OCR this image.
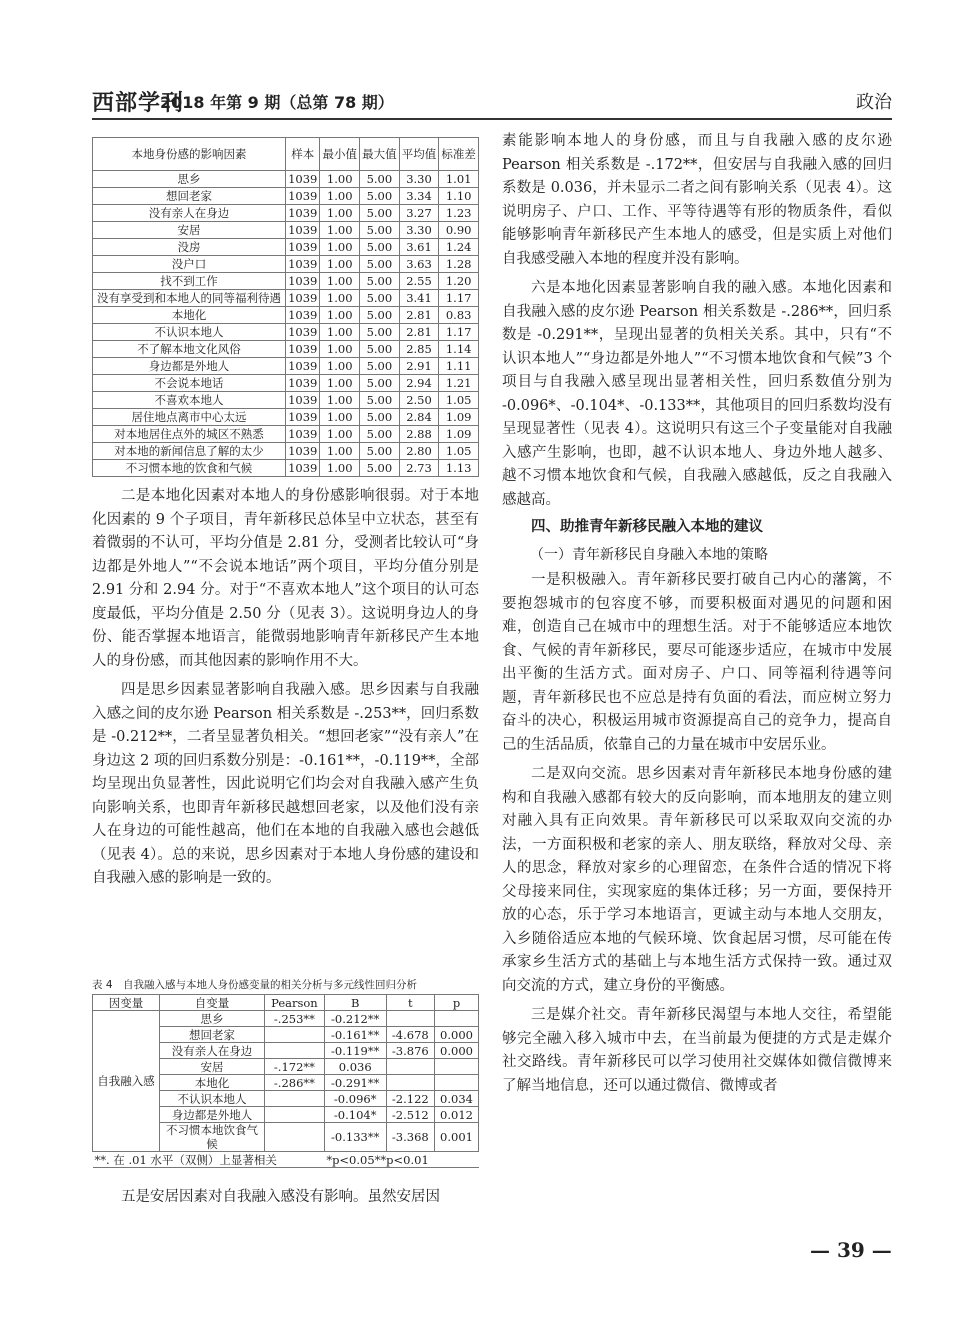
西部学刊
2018 年第 9 期（总第 78 期）	政治
本地身份感的影响因素	样本	最小值	最大值	平均值	标准差
思乡	1039	1.00	5.00	3.30	1.01
想回老家	1039	1.00	5.00	3.34	1.10
没有亲人在身边	1039	1.00	5.00	3.27	1.23
安居	1039	1.00	5.00	3.30	0.90
没房	1039	1.00	5.00	3.61	1.24
没户口	1039	1.00	5.00	3.63	1.28
找不到工作	1039	1.00	5.00	2.55	1.20
没有享受到和本地人的同等福利待遇	1039	1.00	5.00	3.41	1.17
本地化	1039	1.00	5.00	2.81	0.83
不认识本地人	1039	1.00	5.00	2.81	1.17
不了解本地文化风俗	1039	1.00	5.00	2.85	1.14
身边都是外地人	1039	1.00	5.00	2.91	1.11
不会说本地话	1039	1.00	5.00	2.94	1.21
不喜欢本地人	1039	1.00	5.00	2.50	1.05
居住地点离市中心太远	1039	1.00	5.00	2.84	1.09
对本地居住点外的城区不熟悉	1039	1.00	5.00	2.88	1.09
对本地的新闻信息了解的太少	1039	1.00	5.00	2.80	1.05
不习惯本地的饮食和气候	1039	1.00	5.00	2.73	1.13

二是本地化因素对本地人的身份感影响很弱。对于本地化因素的 9 个子项目，青年新移民总体呈中立状态，甚至有着微弱的不认可，平均分值是 2.81 分，受测者比较认可“身边都是外地人”“不会说本地话”两个项目，平均分值分别是 2.91 分和 2.94 分。对于“不喜欢本地人”这个项目的认可态度最低，平均分值是 2.50 分（见表 3）。这说明身边人的身份、能否掌握本地语言，能微弱地影响青年新移民产生本地人的身份感，而其他因素的影响作用不大。

四是思乡因素显著影响自我融入感。思乡因素与自我融入感之间的皮尔逊 Pearson 相关系数是 -.253**，回归系数是 -0.212**，二者呈显著负相关。“想回老家”“没有亲人”在身边这 2 项的回归系数分别是：-0.161**，-0.119**，全部均呈现出负显著性，因此说明它们均会对自我融入感产生负向影响关系，也即青年新移民越想回老家，以及他们没有亲人在身边的可能性越高，他们在本地的自我融入感也会越低（见表 4）。总的来说，思乡因素对于本地人身份感的建设和自我融入感的影响是一致的。

表 4　自我融入感与本地人身份感变量的相关分析与多元线性回归分析
因变量	自变量	Pearson	B	t	p
自我融入感	思乡	-.253**	-0.212**		
	想回老家		-0.161**	-4.678	0.000
	没有亲人在身边		-0.119**	-3.876	0.000
	安居	-.172**	0.036		
	本地化	-.286**	-0.291**		
	不认识本地人		-0.096*	-2.122	0.034
	身边都是外地人		-0.104*	-2.512	0.012
	不习惯本地饮食气候		-0.133**	-3.368	0.001
**. 在 .01 水平（双侧）上显著相关			*p<0.05**p<0.01		

五是安居因素对自我融入感没有影响。虽然安居因

素能影响本地人的身份感，而且与自我融入感的皮尔逊 Pearson 相关系数是 -.172**，但安居与自我融入感的回归系数是 0.036，并未显示二者之间有影响关系（见表 4）。这说明房子、户口、工作、平等待遇等有形的物质条件，看似能够影响青年新移民产生本地人的感受，但是实质上对他们自我感受融入本地的程度并没有影响。

六是本地化因素显著影响自我的融入感。本地化因素和自我融入感的皮尔逊 Pearson 相关系数是 -.286**，回归系数是 -0.291**，呈现出显著的负相关关系。其中，只有“不认识本地人”“身边都是外地人”“不习惯本地饮食和气候”3 个项目与自我融入感呈现出显著相关性，回归系数值分别为 -0.096*、-0.104*、-0.133**，其他项目的回归系数均没有呈现显著性（见表 4）。这说明只有这三个子变量能对自我融入感产生影响，也即，越不认识本地人、身边外地人越多、越不习惯本地饮食和气候，自我融入感越低，反之自我融入感越高。

四、助推青年新移民融入本地的建议
（一）青年新移民自身融入本地的策略

一是积极融入。青年新移民要打破自己内心的藩篱，不要抱怨城市的包容度不够，而要积极面对遇见的问题和困难，创造自己在城市中的理想生活。对于不能够适应本地饮食、气候的青年新移民，要尽可能逐步适应，在城市中发展出平衡的生活方式。面对房子、户口、同等福利待遇等问题，青年新移民也不应总是持有负面的看法，而应树立努力奋斗的决心，积极运用城市资源提高自己的竞争力，提高自己的生活品质，依靠自己的力量在城市中安居乐业。

二是双向交流。思乡因素对青年新移民本地身份感的建构和自我融入感都有较大的反向影响，而本地朋友的建立则对融入具有正向效果。青年新移民可以采取双向交流的办法，一方面积极和老家的亲人、朋友联络，释放对父母、亲人的思念，释放对家乡的心理留恋，在条件合适的情况下将父母接来同住，实现家庭的集体迁移；另一方面，要保持开放的心态，乐于学习本地语言，更诚主动与本地人交朋友，入乡随俗适应本地的气候环境、饮食起居习惯，尽可能在传承家乡生活方式的基础上与本地生活方式保持一致。通过双向交流的方式，建立身份的平衡感。

三是媒介社交。青年新移民渴望与本地人交往，希望能够完全融入移入城市中去，在当前最为便捷的方式是走媒介社交路线。青年新移民可以学习使用社交媒体如微信微博来了解当地信息，还可以通过微信、微博或者

— 39 —
